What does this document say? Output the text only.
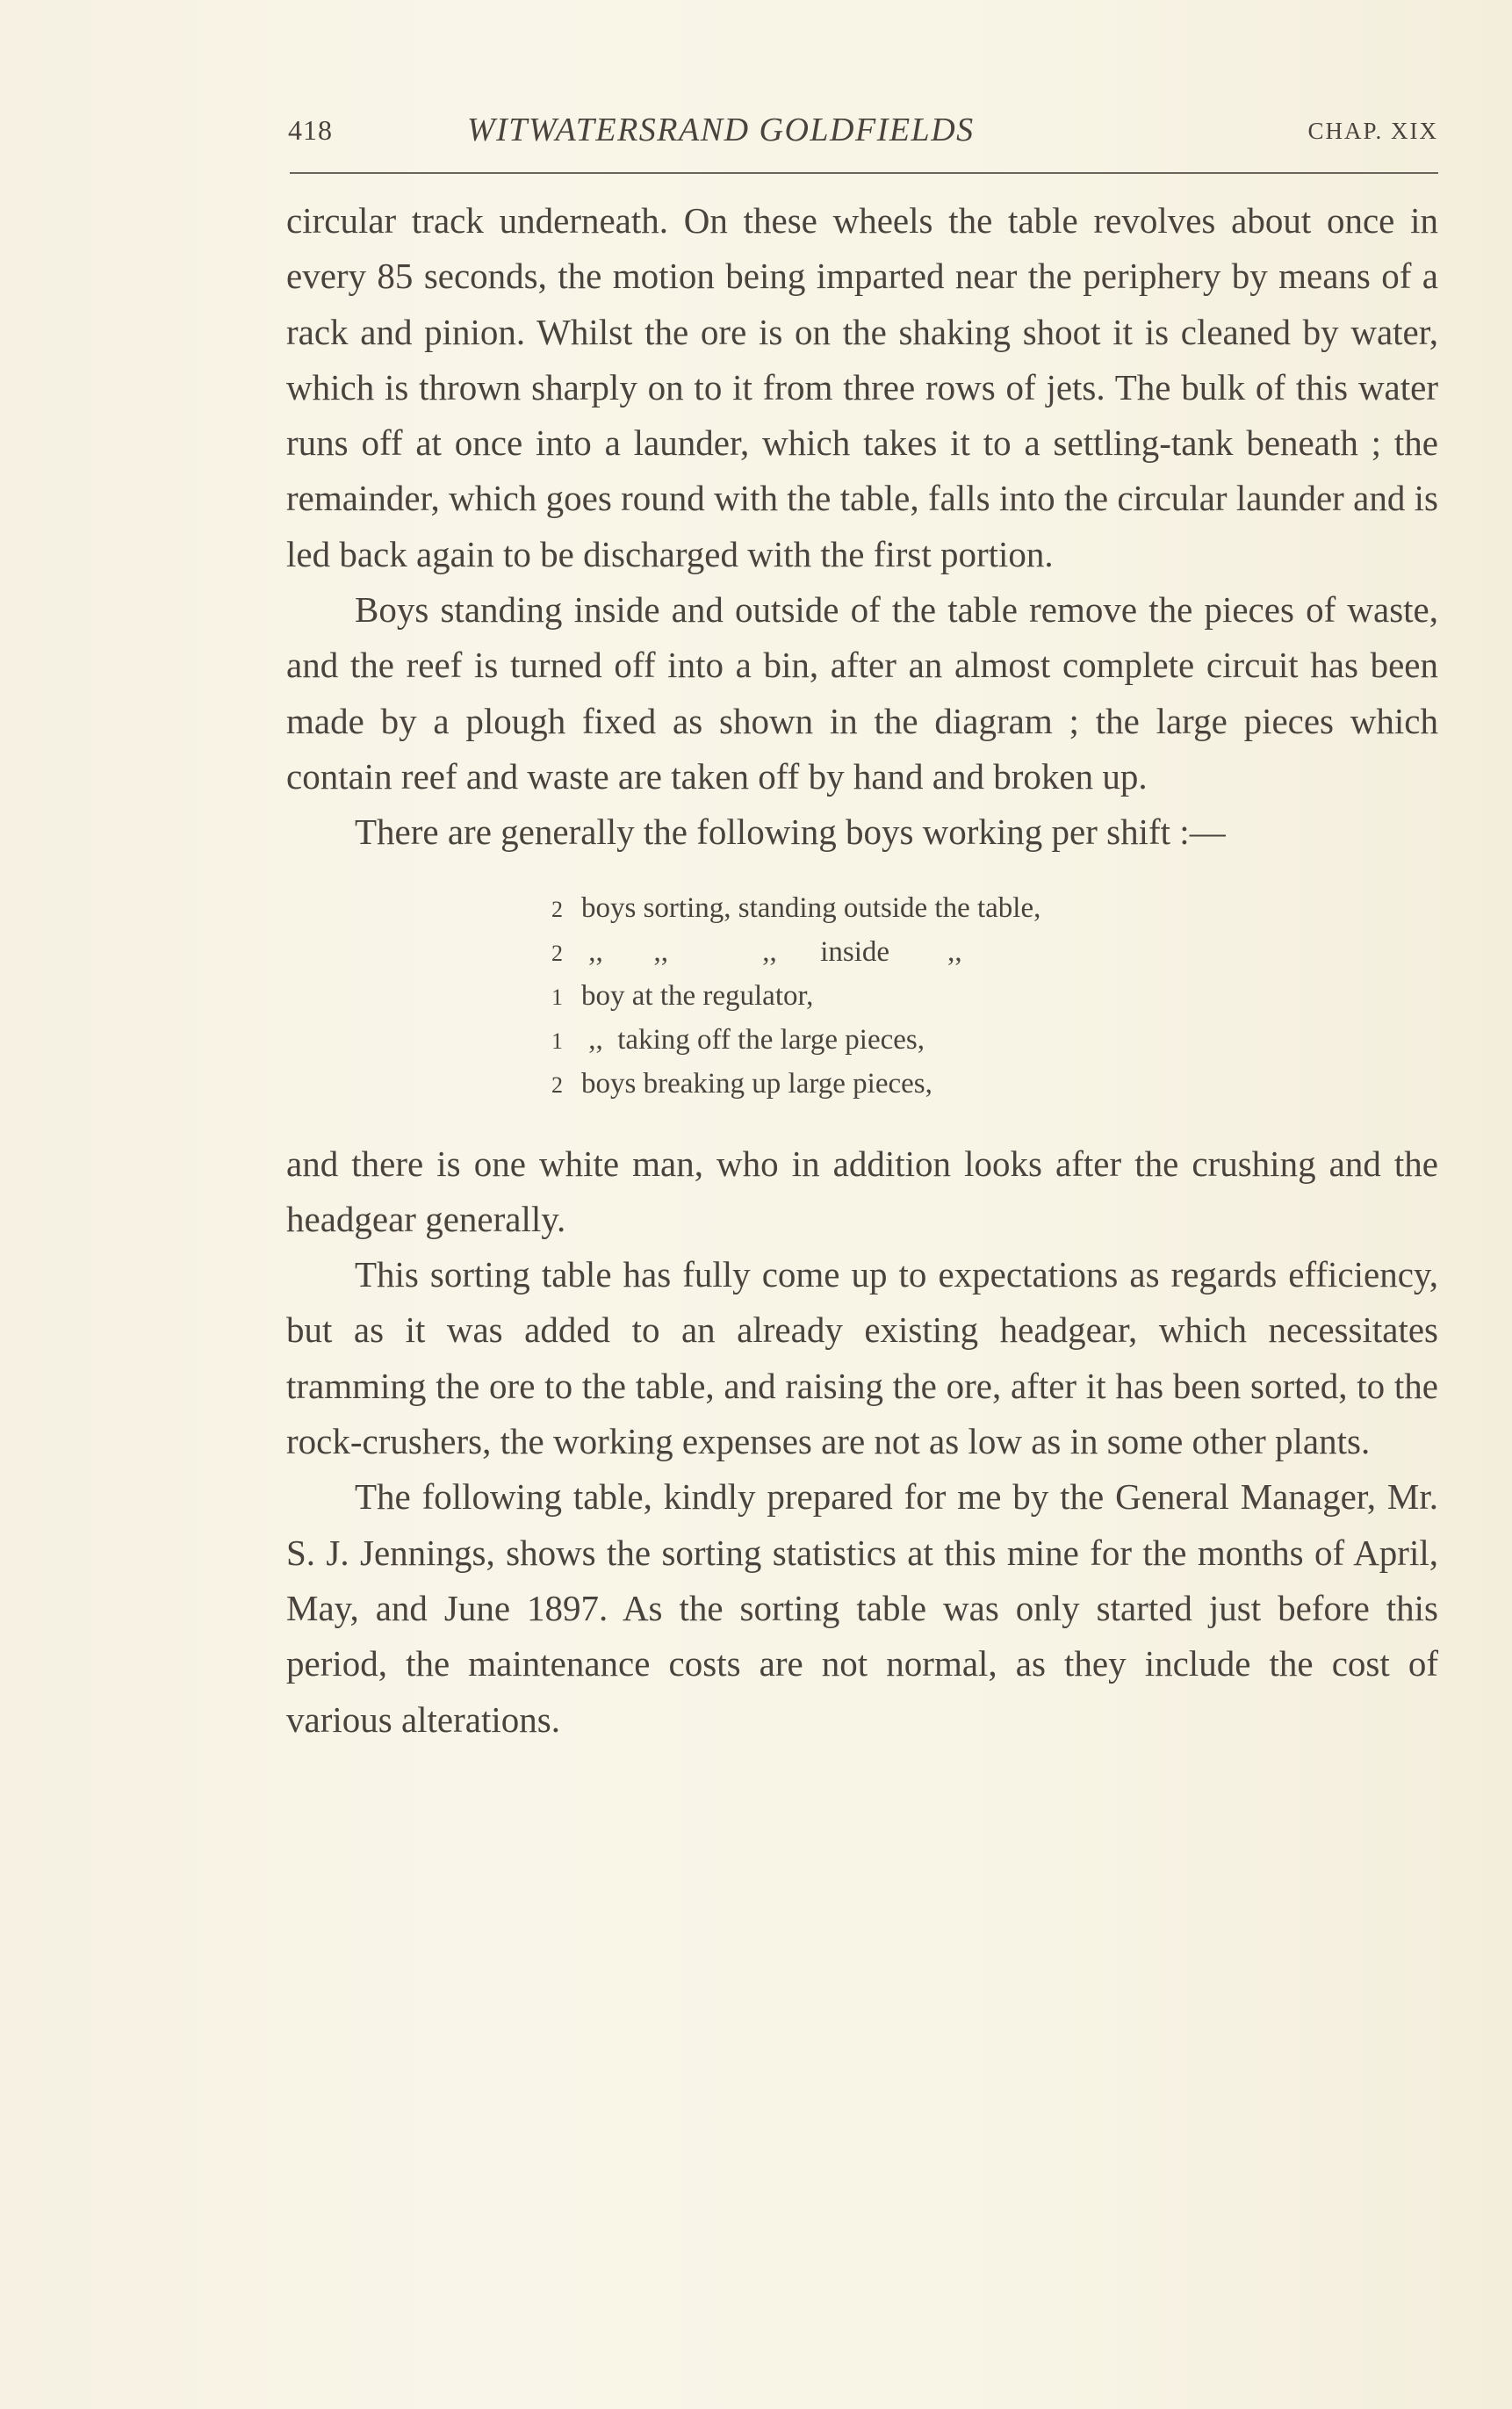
418	WITWATERSRAND GOLDFIELDS	CHAP. XIX

circular track underneath. On these wheels the table revolves about once in every 85 seconds, the motion being imparted near the periphery by means of a rack and pinion. Whilst the ore is on the shaking shoot it is cleaned by water, which is thrown sharply on to it from three rows of jets. The bulk of this water runs off at once into a launder, which takes it to a settling-tank beneath ; the remainder, which goes round with the table, falls into the circular launder and is led back again to be discharged with the first portion.

Boys standing inside and outside of the table remove the pieces of waste, and the reef is turned off into a bin, after an almost complete circuit has been made by a plough fixed as shown in the diagram ; the large pieces which contain reef and waste are taken off by hand and broken up.

There are generally the following boys working per shift :—

2 boys sorting, standing outside the table,
2 ,,       ,,             ,,      inside        ,,
1 boy at the regulator,
1 ,,  taking off the large pieces,
2 boys breaking up large pieces,

and there is one white man, who in addition looks after the crushing and the headgear generally.

This sorting table has fully come up to expectations as regards efficiency, but as it was added to an already existing headgear, which necessitates tramming the ore to the table, and raising the ore, after it has been sorted, to the rock-crushers, the working expenses are not as low as in some other plants.

The following table, kindly prepared for me by the General Manager, Mr. S. J. Jennings, shows the sorting statistics at this mine for the months of April, May, and June 1897. As the sorting table was only started just before this period, the maintenance costs are not normal, as they include the cost of various alterations.
